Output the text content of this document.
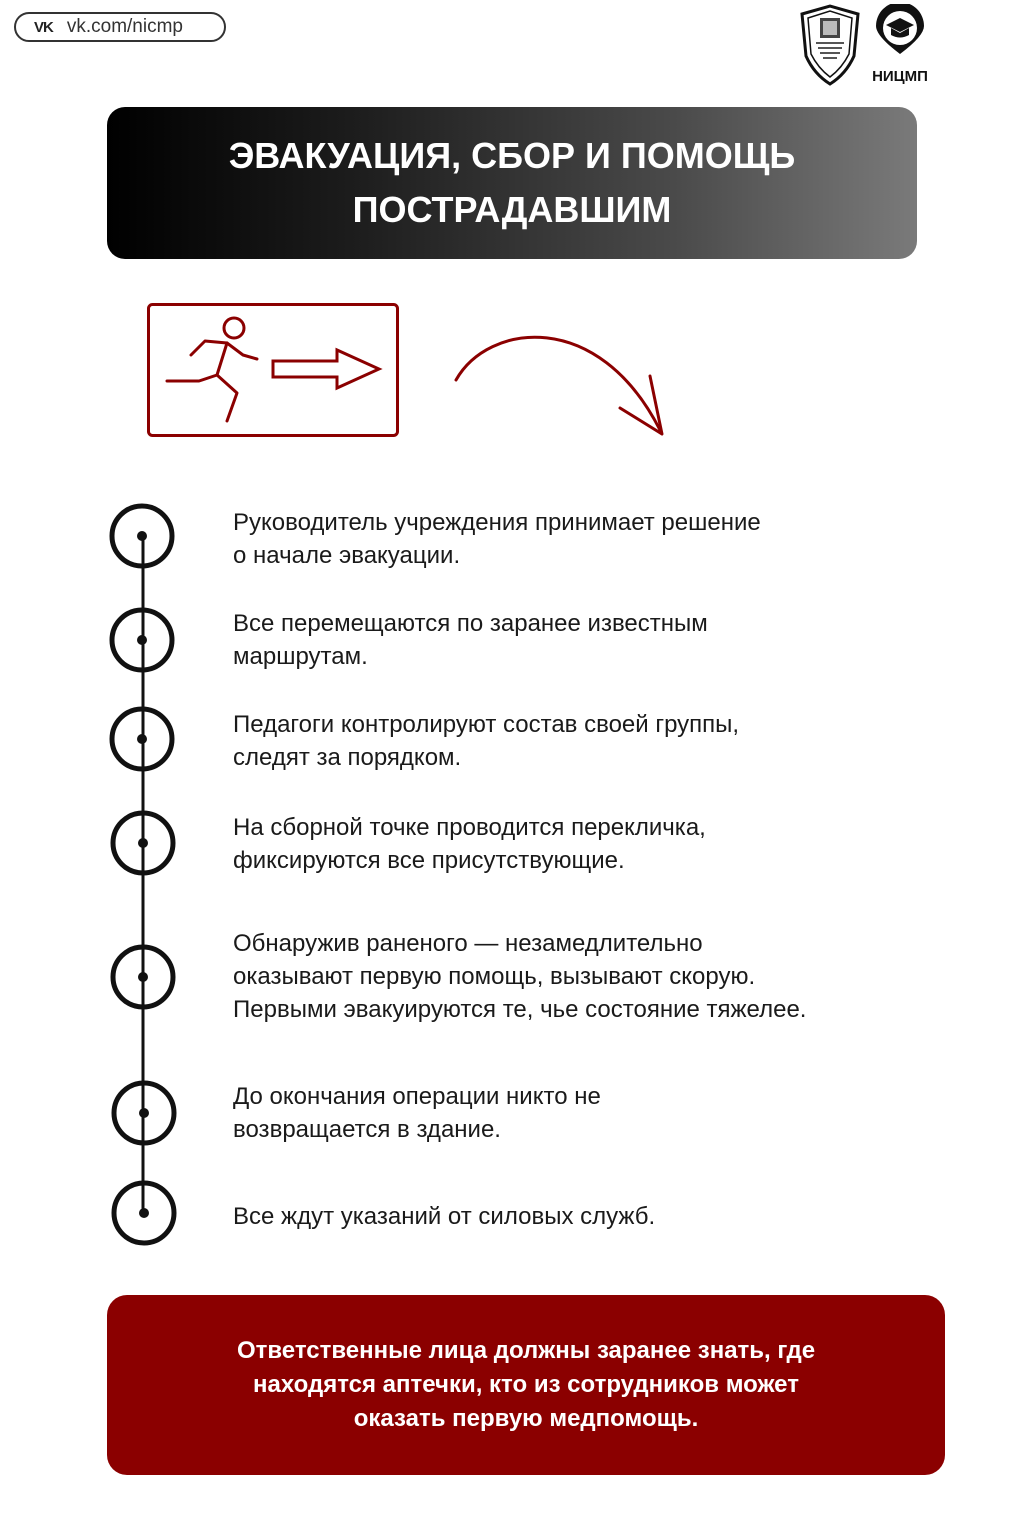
VK vk.com/nicmp
НИЦМП
ЭВАКУАЦИЯ, СБОР И ПОМОЩЬ
ПОСТРАДАВШИМ
Руководитель учреждения принимает решение
о начале эвакуации.
Все перемещаются по заранее известным
маршрутам.
Педагоги контролируют состав своей группы,
следят за порядком.
На сборной точке проводится перекличка,
фиксируются все присутствующие.
Обнаружив раненого — незамедлительно
оказывают первую помощь, вызывают скорую.
Первыми эвакуируются те, чье состояние тяжелее.
До окончания операции никто не
возвращается в здание.
Все ждут указаний от силовых служб.
Ответственные лица должны заранее знать, где
находятся аптечки, кто из сотрудников может
оказать первую медпомощь.
